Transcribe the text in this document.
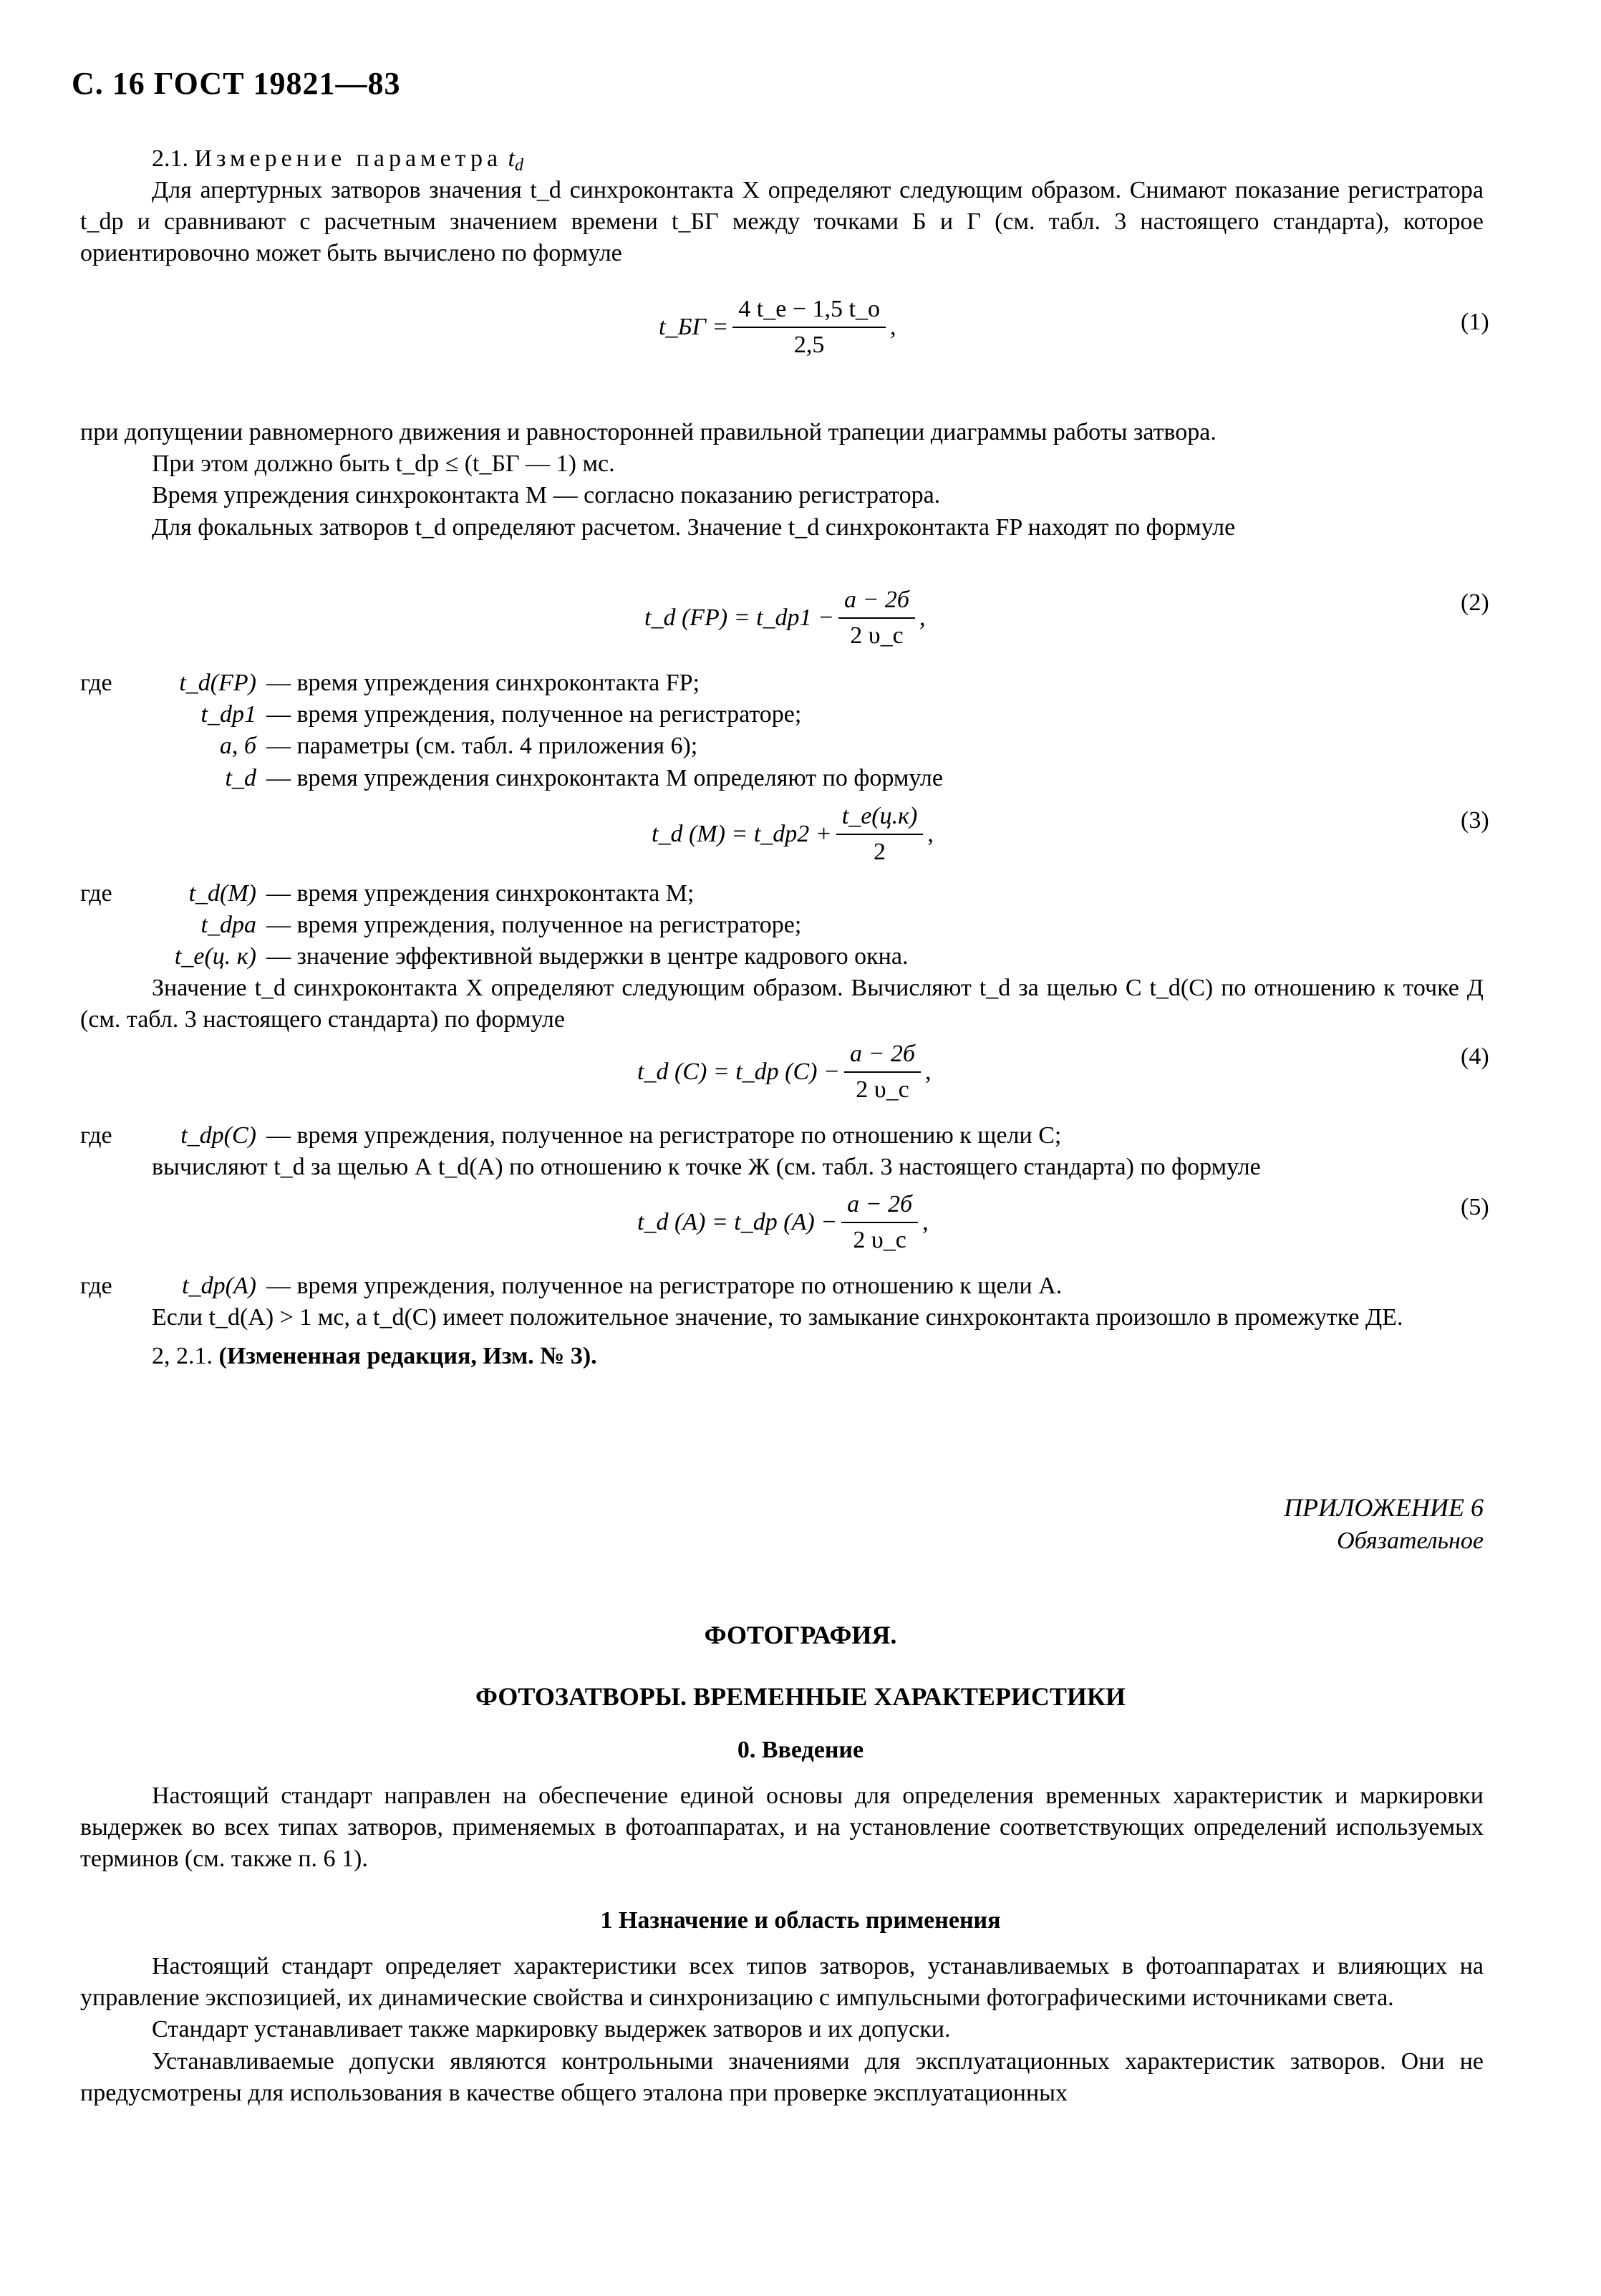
С. 16 ГОСТ 19821—83

2.1. Измерение параметра $t_d$

Для апертурных затворов значения t_d синхроконтакта X определяют следующим образом. Снимают показание регистратора t_dp и сравнивают с расчетным значением времени t_БГ между точками Б и Г (см. табл. 3 настоящего стандарта), которое ориентировочно может быть вычислено по формуле

t_БГ = $\frac{4 t\_e - 1,5 t\_o}{2,5}$ ,	(1)

при допущении равномерного движения и равносторонней правильной трапеции диаграммы работы затвора.

При этом должно быть t_dp ≤ (t_БГ — 1) мс.

Время упреждения синхроконтакта М — согласно показанию регистратора.

Для фокальных затворов t_d определяют расчетом. Значение t_d синхроконтакта FP находят по формуле

t_d (FP) = t_dp1 − $\frac{a - 2б}{2 \upsilon\_c}$ ,
(2)
где	t_d(FP) — время упреждения синхроконтакта FP;
t_dp1 — время упреждения, полученное на регистраторе;
a, б — параметры (см. табл. 4 приложения 6);
t_d — время упреждения синхроконтакта М определяют по формуле
t_d (M) = t_dp2 + $\frac{t\_e(ц.к)}{2}$ ,
(3)
где	t_d(M) — время упреждения синхроконтакта М;
t_dpa — время упреждения, полученное на регистраторе;
t_e(ц. к) — значение эффективной выдержки в центре кадрового окна.

Значение t_d синхроконтакта X определяют следующим образом. Вычисляют t_d за щелью С t_d(С) по отношению к точке Д (см. табл. 3 настоящего стандарта) по формуле

t_d (С) = t_dp $(С) - \frac{a - 2б}{2 \upsilon\_c}$ ,
(4)
где	t_dp(С) — время упреждения, полученное на регистраторе по отношению к щели С;

вычисляют t_d за щелью А t_d(А) по отношению к точке Ж (см. табл. 3 настоящего стандарта) по формуле

t_d (А) = t_dp $(А) - \frac{a - 2б}{2 \upsilon\_c}$ ,
(5)
где	t_dp(А) — время упреждения, полученное на регистраторе по отношению к щели А.

Если t_d(А) > 1 мс, а t_d(С) имеет положительное значение, то замыкание синхроконтакта произошло в промежутке ДЕ.

2, 2.1. (Измененная редакция, Изм. № 3).

ПРИЛОЖЕНИЕ 6
Обязательное
ФОТОГРАФИЯ.
ФОТОЗАТВОРЫ. ВРЕМЕННЫЕ ХАРАКТЕРИСТИКИ
0. Введение

Настоящий стандарт направлен на обеспечение единой основы для определения временных характеристик и маркировки выдержек во всех типах затворов, применяемых в фотоаппаратах, и на установление соответствующих определений используемых терминов (см. также п. 6 1).

1 Назначение и область применения

Настоящий стандарт определяет характеристики всех типов затворов, устанавливаемых в фотоаппаратах и влияющих на управление экспозицией, их динамические свойства и синхронизацию с импульсными фотографическими источниками света.

Стандарт устанавливает также маркировку выдержек затворов и их допуски.

Устанавливаемые допуски являются контрольными значениями для эксплуатационных характеристик затворов. Они не предусмотрены для использования в качестве общего эталона при проверке эксплуатационных
